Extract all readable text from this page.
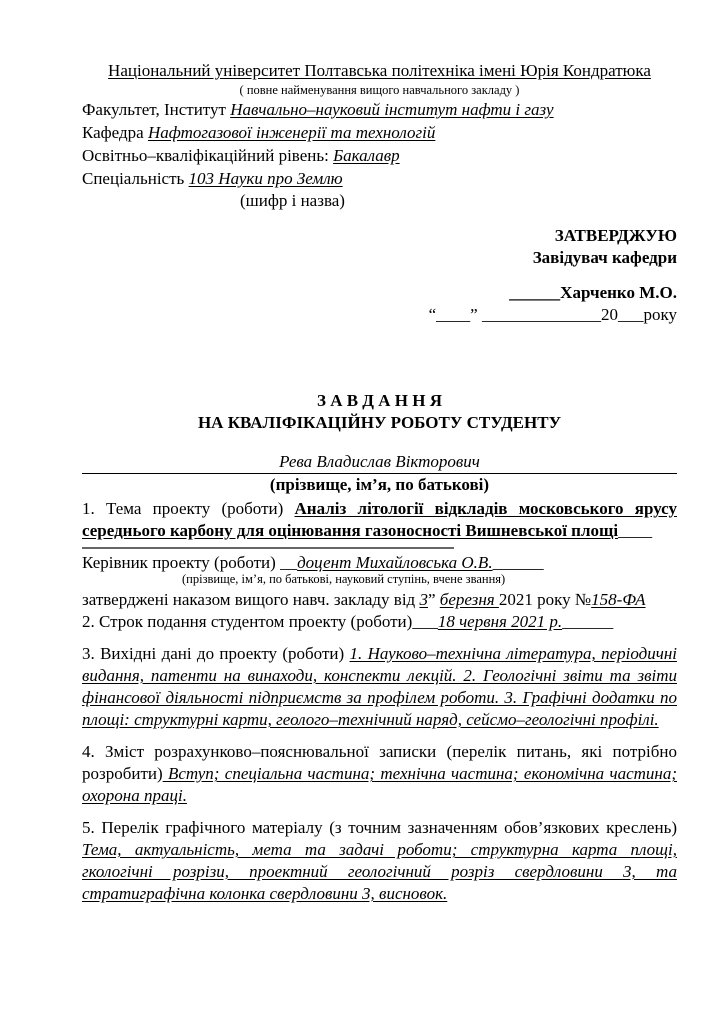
Національний університет Полтавська політехніка імені Юрія Кондратюка
( повне найменування вищого навчального закладу )
Факультет, Інститут Навчально–науковий інститут нафти і газу
Кафедра Нафтогазової інженерії та технологій
Освітньо–кваліфікаційний рівень: Бакалавр
Спеціальність 103 Науки про Землю
(шифр і назва)
ЗАТВЕРДЖУЮ
Завідувач кафедри
______Харченко М.О.
“____” ______________20___року
З А В Д А Н Н Я
НА КВАЛІФІКАЦІЙНУ РОБОТУ СТУДЕНТУ
Рева Владислав Вікторович
(прізвище, ім’я, по батькові)
1. Тема проекту (роботи) Аналіз літології відкладів московського ярусу середнього карбону для оцінювання газоносності Вишневської площі____
Керівник проекту (роботи) __доцент Михайловська О.В.______
(прізвище, ім’я, по батькові, науковий ступінь, вчене звання)
затверджені наказом вищого навч. закладу від 3” березня 2021 року №158-ФА
2. Строк подання студентом проекту (роботи)___18 червня 2021 р.______
3. Вихідні дані до проекту (роботи) 1. Науково–технічна література, періодичні видання, патенти на винаходи, конспекти лекцій. 2. Геологічні звіти та звіти фінансової діяльності підприємств за профілем роботи. 3. Графічні додатки по площі: структурні карти, геолого–технічний наряд, сейсмо–геологічні профілі.
4. Зміст розрахунково–пояснювальної записки (перелік питань, які потрібно розробити) Вступ; спеціальна частина; технічна частина; економічна частина; охорона праці.
5. Перелік графічного матеріалу (з точним зазначенням обов’язкових креслень) Тема, актуальність, мета та задачі роботи; структурна карта площі, гкологічні розрізи, проектний геологічний розріз свердловини 3, та стратиграфічна колонка свердловини 3, висновок.
